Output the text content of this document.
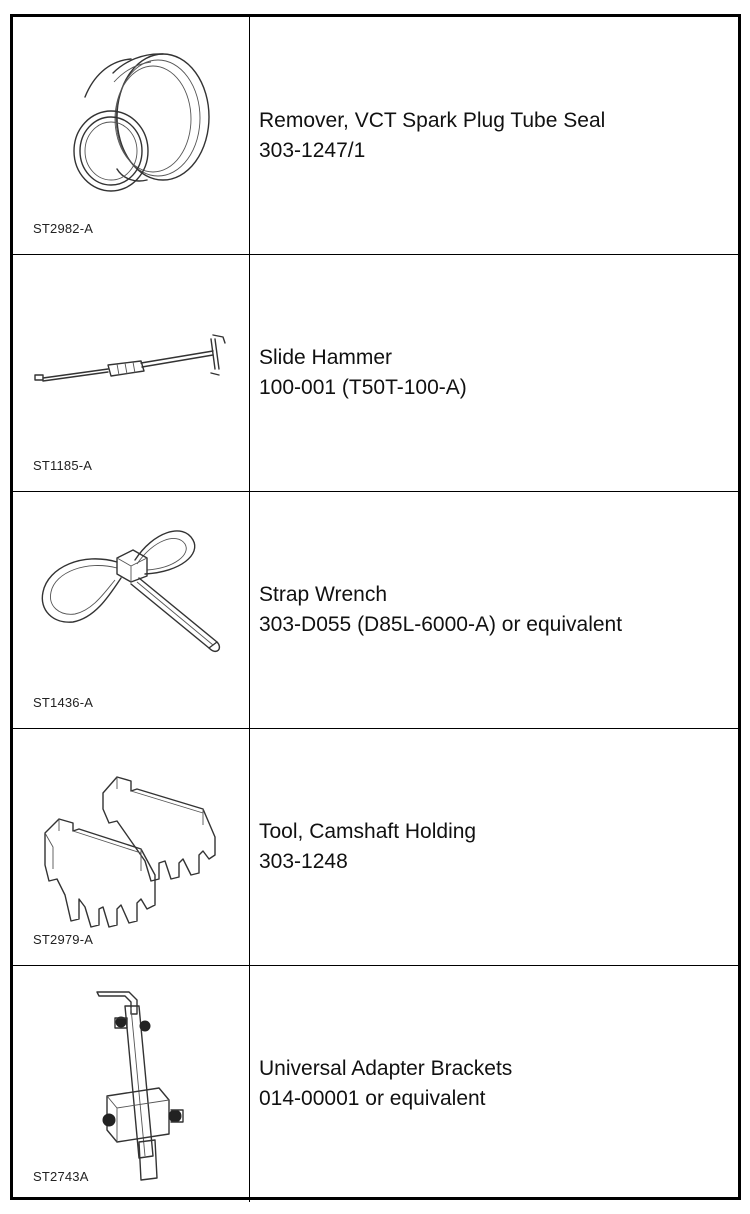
ST2982-A
Remover, VCT Spark Plug Tube Seal
303-1247/1
ST1185-A
Slide Hammer
100-001 (T50T-100-A)
ST1436-A
Strap Wrench
303-D055 (D85L-6000-A) or equivalent
ST2979-A
Tool, Camshaft Holding
303-1248
ST2743A
Universal Adapter Brackets
014-00001 or equivalent
